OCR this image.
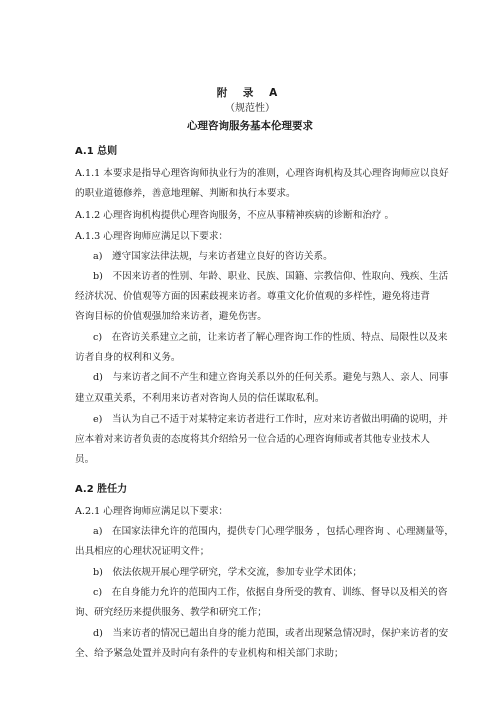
附 录 A
（规范性）
心理咨询服务基本伦理要求
A.1 总则
A.1.1 本要求是指导心理咨询师执业行为的准则，心理咨询机构及其心理咨询师应以良好
的职业道德修养，善意地理解、判断和执行本要求。
A.1.2 心理咨询机构提供心理咨询服务，不应从事精神疾病的诊断和治疗 。
A.1.3 心理咨询师应满足以下要求：
a)　遵守国家法律法规，与来访者建立良好的咨访关系。
b)　不因来访者的性别、年龄、职业、民族、国籍、宗教信仰、性取向、残疾、生活
经济状况、价值观等方面的因素歧视来访者。尊重文化价值观的多样性，避免将违背
咨询目标的价值观强加给来访者，避免伤害。
c)　在咨访关系建立之前，让来访者了解心理咨询工作的性质、特点、局限性以及来
访者自身的权利和义务。
d)　与来访者之间不产生和建立咨询关系以外的任何关系。避免与熟人、亲人、同事
建立双重关系，不利用来访者对咨询人员的信任谋取私利。
e)　当认为自己不适于对某特定来访者进行工作时，应对来访者做出明确的说明，并
应本着对来访者负责的态度将其介绍给另一位合适的心理咨询师或者其他专业技术人
员。
A.2 胜任力
A.2.1 心理咨询师应满足以下要求：
a)　在国家法律允许的范围内，提供专门心理学服务 ，包括心理咨询 、心理测量等，
出具相应的心理状况证明文件；
b)　依法依规开展心理学研究，学术交流，参加专业学术团体；
c)　在自身能力允许的范围内工作，依据自身所受的教育、训练、督导以及相关的咨
询、研究经历来提供服务、教学和研究工作；
d)　当来访者的情况已超出自身的能力范围，或者出现紧急情况时，保护来访者的安
全、给予紧急处置并及时向有条件的专业机构和相关部门求助；
